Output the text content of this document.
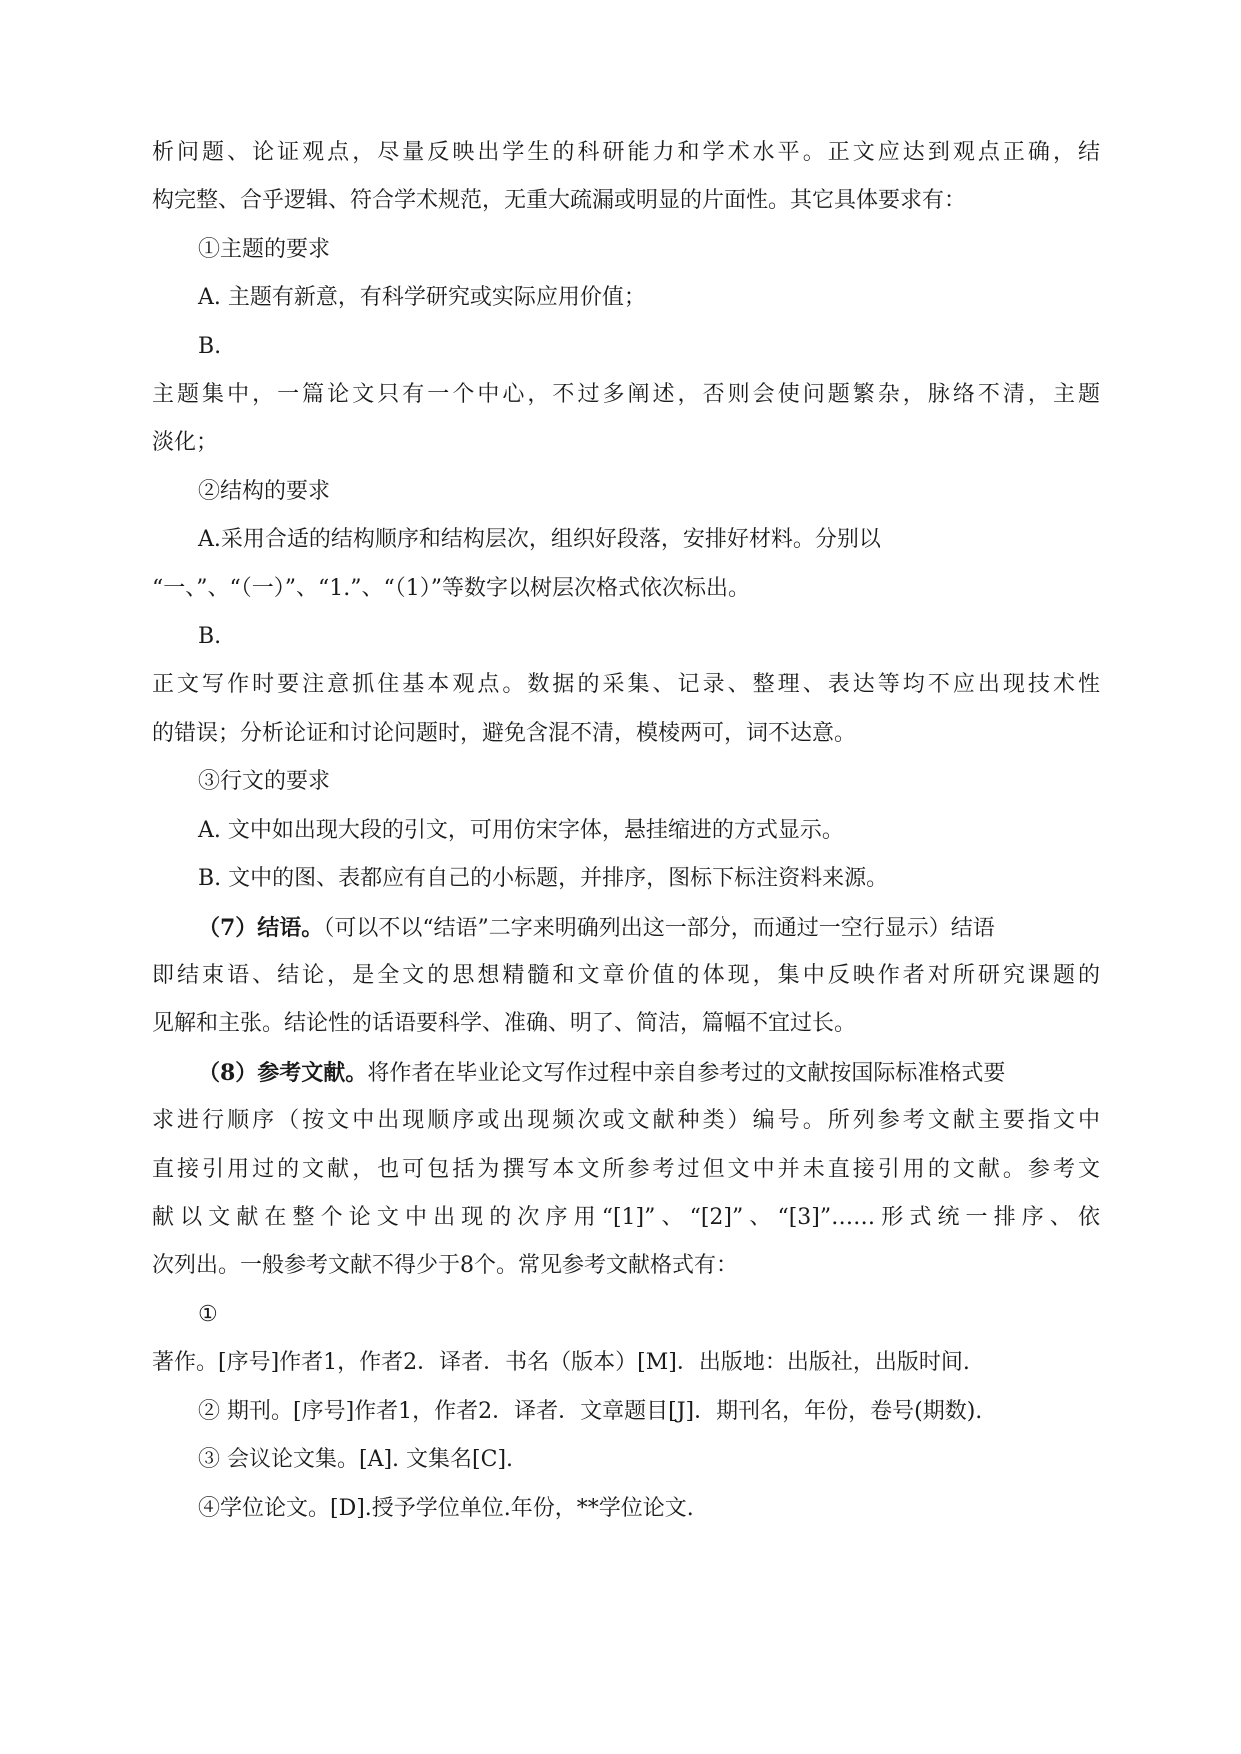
析问题、论证观点，尽量反映出学生的科研能力和学术水平。正文应达到观点正确，结
构完整、合乎逻辑、符合学术规范，无重大疏漏或明显的片面性。其它具体要求有：
①主题的要求
A. 主题有新意，有科学研究或实际应用价值；
B.
主题集中，一篇论文只有一个中心，不过多阐述，否则会使问题繁杂，脉络不清，主题
淡化；
②结构的要求
A.采用合适的结构顺序和结构层次，组织好段落，安排好材料。分别以
“一、”、“（一）”、“1.”、“（1）”等数字以树层次格式依次标出。
B.
正文写作时要注意抓住基本观点。数据的采集、记录、整理、表达等均不应出现技术性
的错误；分析论证和讨论问题时，避免含混不清，模棱两可，词不达意。
③行文的要求
A. 文中如出现大段的引文，可用仿宋字体，悬挂缩进的方式显示。
B. 文中的图、表都应有自己的小标题，并排序，图标下标注资料来源。
（7）结语。（可以不以“结语”二字来明确列出这一部分，而通过一空行显示）结语
即结束语、结论，是全文的思想精髓和文章价值的体现，集中反映作者对所研究课题的
见解和主张。结论性的话语要科学、准确、明了、简洁，篇幅不宜过长。
（8）参考文献。将作者在毕业论文写作过程中亲自参考过的文献按国际标准格式要
求进行顺序（按文中出现顺序或出现频次或文献种类）编号。所列参考文献主要指文中
直接引用过的文献，也可包括为撰写本文所参考过但文中并未直接引用的文献。参考文
献以文献在整个论文中出现的次序用“[1]”、“[2]”、“[3]”……形式统一排序、依
次列出。一般参考文献不得少于8个。常见参考文献格式有：
①
著作。[序号]作者1，作者2．译者．书名（版本）[M]．出版地：出版社，出版时间.
② 期刊。[序号]作者1，作者2．译者．文章题目[J]．期刊名，年份，卷号(期数).
③ 会议论文集。[A]. 文集名[C].
④学位论文。[D].授予学位单位.年份，**学位论文.
